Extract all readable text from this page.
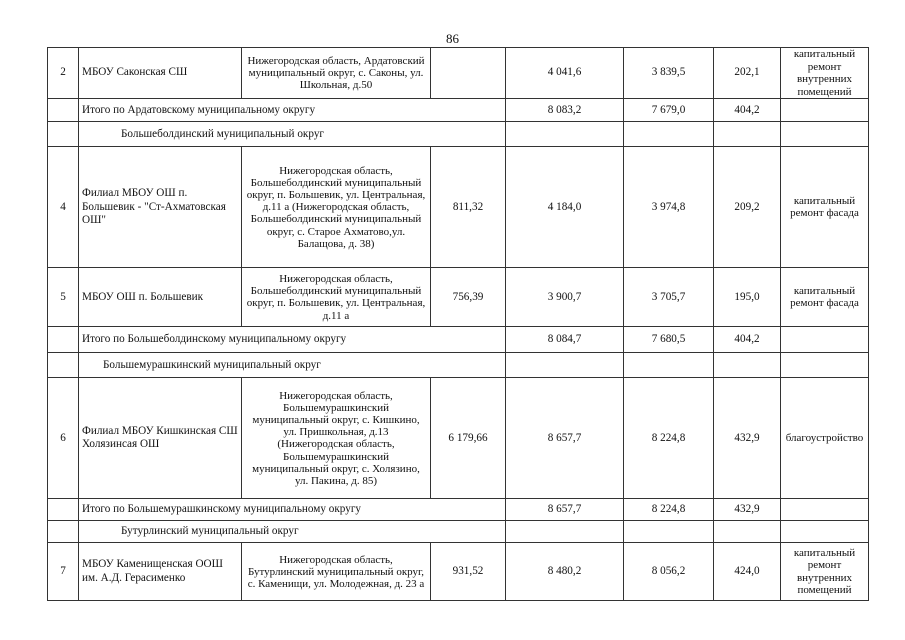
86
2	МБОУ Саконская СШ	Нижегородская область, Ардатовский муниципальный округ, с. Саконы, ул. Школьная, д.50		4 041,6	3 839,5	202,1	капитальный ремонт внутренних помещений
	Итого по Ардатовскому муниципальному округу			8 083,2	7 679,0	404,2	
	Большеболдинский муниципальный округ						
4	Филиал МБОУ ОШ п. Большевик - "Ст-Ахматовская ОШ"	Нижегородская область, Большеболдинский муниципальный округ, п. Большевик, ул. Центральная, д.11 а (Нижегородская область, Большеболдинский муниципальный округ, с. Старое Ахматово,ул. Балащова, д. 38)	811,32	4 184,0	3 974,8	209,2	капитальный ремонт фасада
5	МБОУ ОШ п. Большевик	Нижегородская область, Большеболдинский муниципальный округ, п. Большевик, ул. Центральная, д.11 а	756,39	3 900,7	3 705,7	195,0	капитальный ремонт фасада
	Итого по Большеболдинскому муниципальному округу			8 084,7	7 680,5	404,2	
	Большемурашкинский муниципальный округ						
6	Филиал МБОУ Кишкинская СШ Холязинсая ОШ	Нижегородская область, Большемурашкинский муниципальный округ, с. Кишкино, ул. Пришкольная, д.13 (Нижегородская область, Большемурашкинский муниципальный округ, с. Холязино, ул. Пакина, д. 85)	6 179,66	8 657,7	8 224,8	432,9	благоустройство
	Итого по Большемурашкинскому муниципальному округу			8 657,7	8 224,8	432,9	
	Бутурлинский муниципальный округ						
7	МБОУ Каменищенская ООШ им. А.Д. Герасименко	Нижегородская область, Бутурлинский муниципальный округ, с. Каменищи, ул. Молодежная, д. 23 а	931,52	8 480,2	8 056,2	424,0	капитальный ремонт внутренних помещений
